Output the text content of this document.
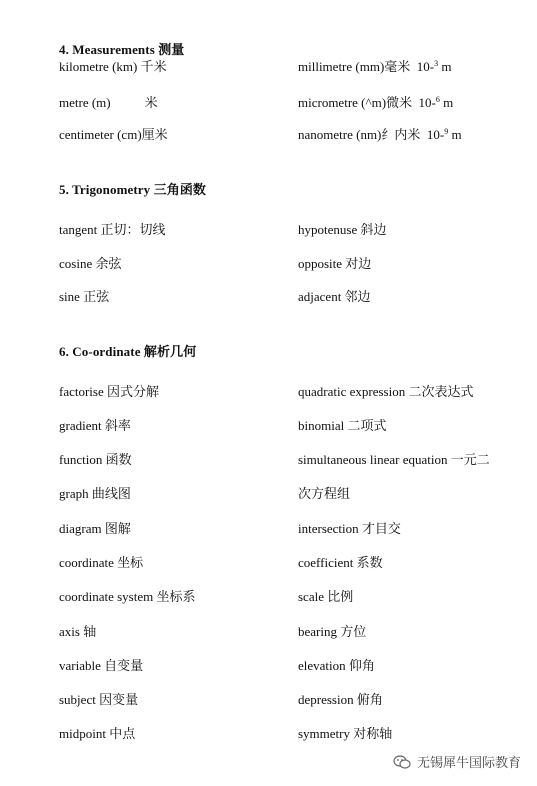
4. Measurements 测量
kilometre (km) 千米	millimetre (mm)毫米 10-$^3$ m
metre (m)	米	micrometre (^m)微米 10-$^6$ m
centimeter (cm)厘米	nanometre (nm)纟内米 10-$^9$ m
5. Trigonometry 三角函数
tangent 正切：切线	hypotenuse 斜边
cosine 余弦	opposite 对边
sine 正弦	adjacent 邻边
6. Co-ordinate 解析几何
factorise 因式分解	quadratic expression 二次表达式
gradient 斜率	binomial 二项式
function 函数	simultaneous linear equation 一元二
graph 曲线图	次方程组
diagram 图解	intersection 才目交
coordinate 坐标	coefficient 系数
coordinate system 坐标系	scale 比例
axis 轴	bearing 方位
variable 自变量	elevation 仰角
subject 因变量	depression 俯角
midpoint 中点	symmetry 对称轴
无锡犀牛国际教育
